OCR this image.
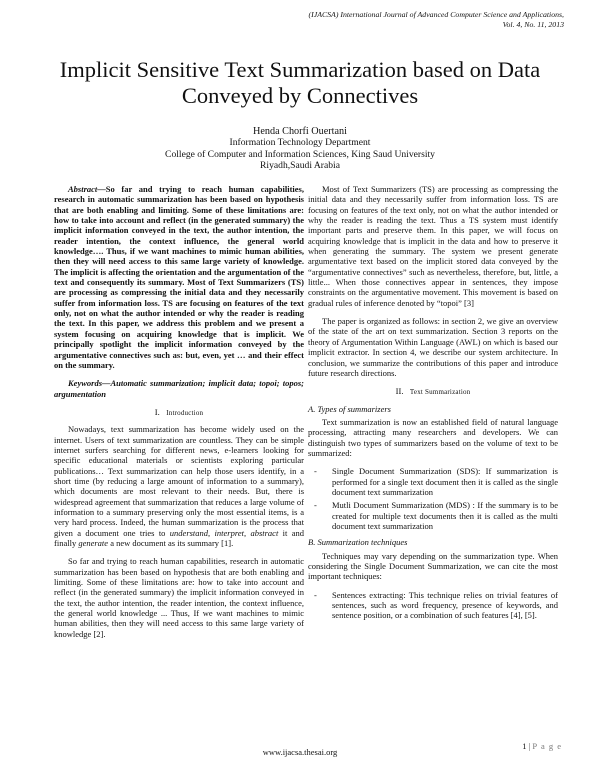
(IJACSA) International Journal of Advanced Computer Science and Applications,
Vol. 4, No. 11, 2013
Implicit Sensitive Text Summarization based on Data
Conveyed by Connectives
Henda Chorfi Ouertani
Information Technology Department
College of Computer and Information Sciences, King Saud University
Riyadh,Saudi Arabia

Abstract—So far and trying to reach human capabilities, research in automatic summarization has been based on hypothesis that are both enabling and limiting. Some of these limitations are: how to take into account and reflect (in the generated summary) the implicit information conveyed in the text, the author intention, the reader intention, the context influence, the general world knowledge…. Thus, if we want machines to mimic human abilities, then they will need access to this same large variety of knowledge. The implicit is affecting the orientation and the argumentation of the text and consequently its summary. Most of Text Summarizers (TS) are processing as compressing the initial data and they necessarily suffer from information loss. TS are focusing on features of the text only, not on what the author intended or why the reader is reading the text. In this paper, we address this problem and we present a system focusing on acquiring knowledge that is implicit. We principally spotlight the implicit information conveyed by the argumentative connectives such as: but, even, yet … and their effect on the summary.

Keywords—Automatic summarization; implicit data; topoi; topos; argumentation

I. Introduction

Nowadays, text summarization has become widely used on the internet. Users of text summarization are countless. They can be simple internet surfers searching for different news, e-learners looking for specific educational materials or scientists exploring particular publications… Text summarization can help those users identify, in a short time (by reducing a large amount of information to a summary), which documents are most relevant to their needs. But, there is widespread agreement that summarization that reduces a large volume of information to a summary preserving only the most essential items, is a very hard process. Indeed, the human summarization is the process that given a document one tries to understand, interpret, abstract it and finally generate a new document as its summary [1].

So far and trying to reach human capabilities, research in automatic summarization has been based on hypothesis that are both enabling and limiting. Some of these limitations are: how to take into account and reflect (in the generated summary) the implicit information conveyed in the text, the author intention, the reader intention, the context influence, the general world knowledge ... Thus, If we want machines to mimic human abilities, then they will need access to this same large variety of knowledge [2].

Most of Text Summarizers (TS) are processing as compressing the initial data and they necessarily suffer from information loss. TS are focusing on features of the text only, not on what the author intended or why the reader is reading the text. Thus a TS system must identify important parts and preserve them. In this paper, we will focus on acquiring knowledge that is implicit in the data and how to preserve it when generating the summary. The system we present generate argumentative text based on the implicit stored data conveyed by the “argumentative connectives” such as nevertheless, therefore, but, little, a little... When those connectives appear in sentences, they impose constraints on the argumentative movement. This movement is based on gradual rules of inference denoted by “topoi” [3]

The paper is organized as follows: in section 2, we give an overview of the state of the art on text summarization. Section 3 reports on the theory of Argumentation Within Language (AWL) on which is based our implicit extractor. In section 4, we describe our system architecture. In conclusion, we summarize the contributions of this paper and introduce future research directions.

II. Text Summarization
A. Types of summarizers

Text summarization is now an established field of natural language processing, attracting many researchers and developers. We can distinguish two types of summarizers based on the volume of text to be summarized:

- Single Document Summarization (SDS): If summarization is performed for a single text document then it is called as the single document text summarization
- Mutli Document Summarization (MDS) : If the summary is to be created for multiple text documents then it is called as the multi document text summarization
B. Summarization techniques

Techniques may vary depending on the summarization type. When considering the Single Document Summarization, we can cite the most important techniques:

- Sentences extracting: This technique relies on trivial features of sentences, such as word frequency, presence of keywords, and sentence position, or a combination of such features [4], [5].
1 | P a g e
www.ijacsa.thesai.org
